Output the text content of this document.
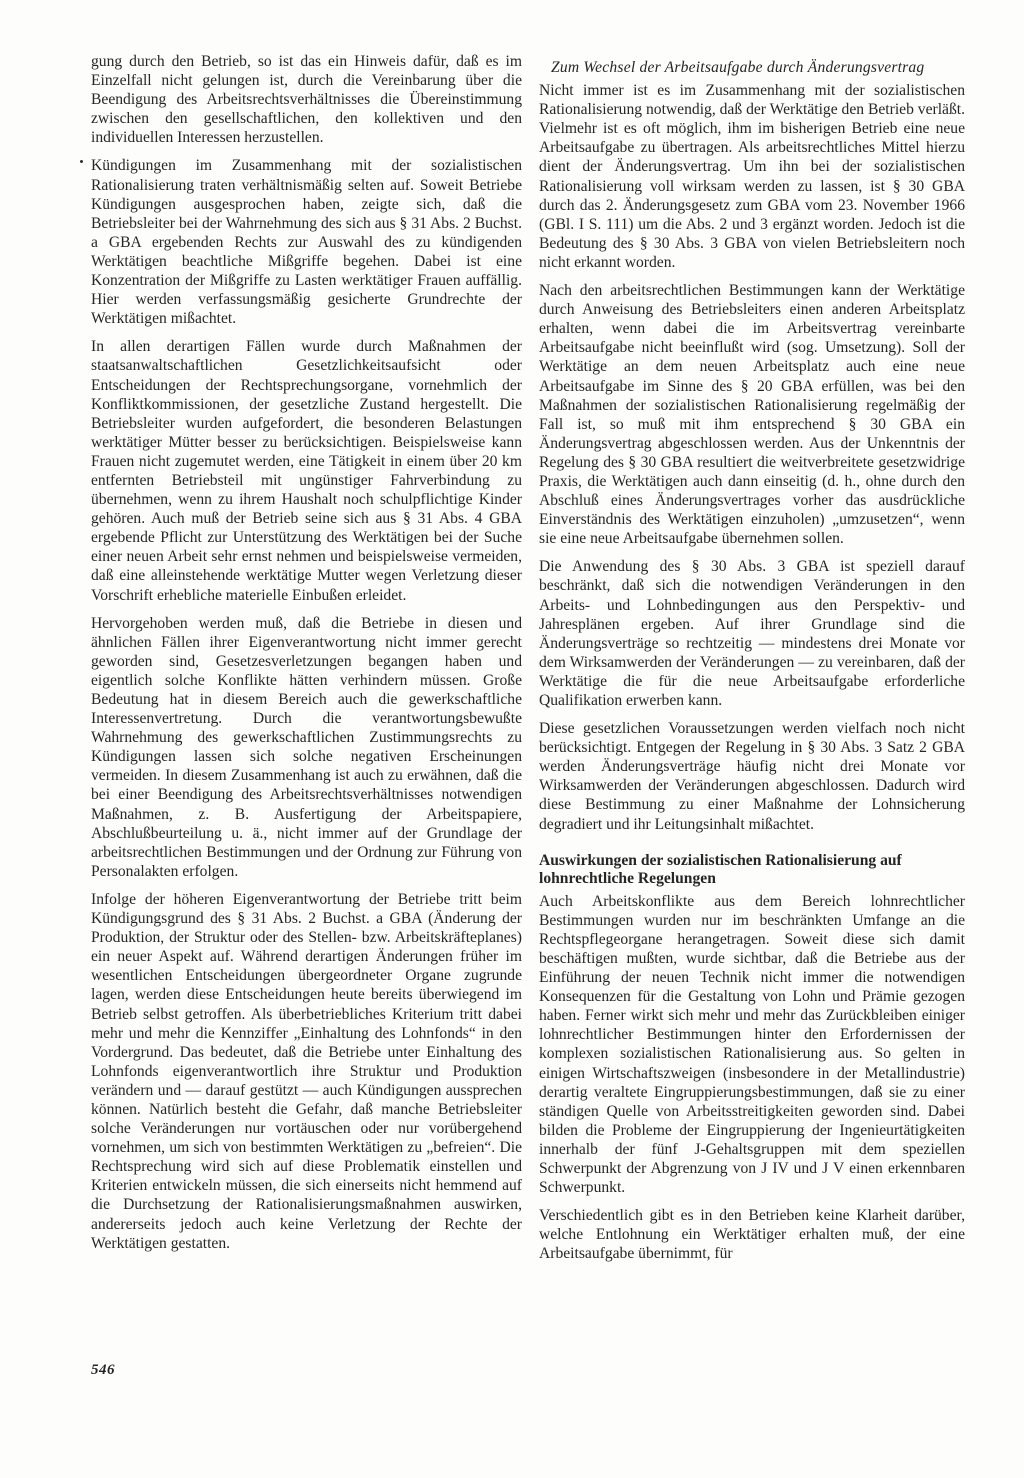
gung durch den Betrieb, so ist das ein Hinweis dafür, daß es im Einzelfall nicht gelungen ist, durch die Vereinbarung über die Beendigung des Arbeitsrechtsverhältnisses die Übereinstimmung zwischen den gesellschaftlichen, den kollektiven und den individuellen Interessen herzustellen.

Kündigungen im Zusammenhang mit der sozialistischen Rationalisierung traten verhältnismäßig selten auf. Soweit Betriebe Kündigungen ausgesprochen haben, zeigte sich, daß die Betriebsleiter bei der Wahrnehmung des sich aus § 31 Abs. 2 Buchst. a GBA ergebenden Rechts zur Auswahl des zu kündigenden Werktätigen beachtliche Mißgriffe begehen. Dabei ist eine Konzentration der Mißgriffe zu Lasten werktätiger Frauen auffällig. Hier werden verfassungsmäßig gesicherte Grundrechte der Werktätigen mißachtet.

In allen derartigen Fällen wurde durch Maßnahmen der staatsanwaltschaftlichen Gesetzlichkeitsaufsicht oder Entscheidungen der Rechtsprechungsorgane, vornehmlich der Konfliktkommissionen, der gesetzliche Zustand hergestellt. Die Betriebsleiter wurden aufgefordert, die besonderen Belastungen werktätiger Mütter besser zu berücksichtigen. Beispielsweise kann Frauen nicht zugemutet werden, eine Tätigkeit in einem über 20 km entfernten Betriebsteil mit ungünstiger Fahrverbindung zu übernehmen, wenn zu ihrem Haushalt noch schulpflichtige Kinder gehören. Auch muß der Betrieb seine sich aus § 31 Abs. 4 GBA ergebende Pflicht zur Unterstützung des Werktätigen bei der Suche einer neuen Arbeit sehr ernst nehmen und beispielsweise vermeiden, daß eine alleinstehende werktätige Mutter wegen Verletzung dieser Vorschrift erhebliche materielle Einbußen erleidet.

Hervorgehoben werden muß, daß die Betriebe in diesen und ähnlichen Fällen ihrer Eigenverantwortung nicht immer gerecht geworden sind, Gesetzesverletzungen begangen haben und eigentlich solche Konflikte hätten verhindern müssen. Große Bedeutung hat in diesem Bereich auch die gewerkschaftliche Interessenvertretung. Durch die verantwortungsbewußte Wahrnehmung des gewerkschaftlichen Zustimmungsrechts zu Kündigungen lassen sich solche negativen Erscheinungen vermeiden. In diesem Zusammenhang ist auch zu erwähnen, daß die bei einer Beendigung des Arbeitsrechtsverhältnisses notwendigen Maßnahmen, z. B. Ausfertigung der Arbeitspapiere, Abschlußbeurteilung u. ä., nicht immer auf der Grundlage der arbeitsrechtlichen Bestimmungen und der Ordnung zur Führung von Personalakten erfolgen.

Infolge der höheren Eigenverantwortung der Betriebe tritt beim Kündigungsgrund des § 31 Abs. 2 Buchst. a GBA (Änderung der Produktion, der Struktur oder des Stellen- bzw. Arbeitskräfteplanes) ein neuer Aspekt auf. Während derartigen Änderungen früher im wesentlichen Entscheidungen übergeordneter Organe zugrunde lagen, werden diese Entscheidungen heute bereits überwiegend im Betrieb selbst getroffen. Als überbetriebliches Kriterium tritt dabei mehr und mehr die Kennziffer „Einhaltung des Lohnfonds“ in den Vordergrund. Das bedeutet, daß die Betriebe unter Einhaltung des Lohnfonds eigenverantwortlich ihre Struktur und Produktion verändern und — darauf gestützt — auch Kündigungen aussprechen können. Natürlich besteht die Gefahr, daß manche Betriebsleiter solche Veränderungen nur vortäuschen oder nur vorübergehend vornehmen, um sich von bestimmten Werktätigen zu „befreien“. Die Rechtsprechung wird sich auf diese Problematik einstellen und Kriterien entwickeln müssen, die sich einerseits nicht hemmend auf die Durchsetzung der Rationalisierungsmaßnahmen auswirken, andererseits jedoch auch keine Verletzung der Rechte der Werktätigen gestatten.

Zum Wechsel der Arbeitsaufgabe durch Änderungsvertrag

Nicht immer ist es im Zusammenhang mit der sozialistischen Rationalisierung notwendig, daß der Werktätige den Betrieb verläßt. Vielmehr ist es oft möglich, ihm im bisherigen Betrieb eine neue Arbeitsaufgabe zu übertragen. Als arbeitsrechtliches Mittel hierzu dient der Änderungsvertrag. Um ihn bei der sozialistischen Rationalisierung voll wirksam werden zu lassen, ist § 30 GBA durch das 2. Änderungsgesetz zum GBA vom 23. November 1966 (GBl. I S. 111) um die Abs. 2 und 3 ergänzt worden. Jedoch ist die Bedeutung des § 30 Abs. 3 GBA von vielen Betriebsleitern noch nicht erkannt worden.

Nach den arbeitsrechtlichen Bestimmungen kann der Werktätige durch Anweisung des Betriebsleiters einen anderen Arbeitsplatz erhalten, wenn dabei die im Arbeitsvertrag vereinbarte Arbeitsaufgabe nicht beeinflußt wird (sog. Umsetzung). Soll der Werktätige an dem neuen Arbeitsplatz auch eine neue Arbeitsaufgabe im Sinne des § 20 GBA erfüllen, was bei den Maßnahmen der sozialistischen Rationalisierung regelmäßig der Fall ist, so muß mit ihm entsprechend § 30 GBA ein Änderungsvertrag abgeschlossen werden. Aus der Unkenntnis der Regelung des § 30 GBA resultiert die weitverbreitete gesetzwidrige Praxis, die Werktätigen auch dann einseitig (d. h., ohne durch den Abschluß eines Änderungsvertrages vorher das ausdrückliche Einverständnis des Werktätigen einzuholen) „umzusetzen“, wenn sie eine neue Arbeitsaufgabe übernehmen sollen.

Die Anwendung des § 30 Abs. 3 GBA ist speziell darauf beschränkt, daß sich die notwendigen Veränderungen in den Arbeits- und Lohnbedingungen aus den Perspektiv- und Jahresplänen ergeben. Auf ihrer Grundlage sind die Änderungsverträge so rechtzeitig — mindestens drei Monate vor dem Wirksamwerden der Veränderungen — zu vereinbaren, daß der Werktätige die für die neue Arbeitsaufgabe erforderliche Qualifikation erwerben kann.

Diese gesetzlichen Voraussetzungen werden vielfach noch nicht berücksichtigt. Entgegen der Regelung in § 30 Abs. 3 Satz 2 GBA werden Änderungsverträge häufig nicht drei Monate vor Wirksamwerden der Veränderungen abgeschlossen. Dadurch wird diese Bestimmung zu einer Maßnahme der Lohnsicherung degradiert und ihr Leitungsinhalt mißachtet.

Auswirkungen der sozialistischen Rationalisierung auf lohnrechtliche Regelungen

Auch Arbeitskonflikte aus dem Bereich lohnrechtlicher Bestimmungen wurden nur im beschränkten Umfange an die Rechtspflegeorgane herangetragen. Soweit diese sich damit beschäftigen mußten, wurde sichtbar, daß die Betriebe aus der Einführung der neuen Technik nicht immer die notwendigen Konsequenzen für die Gestaltung von Lohn und Prämie gezogen haben. Ferner wirkt sich mehr und mehr das Zurückbleiben einiger lohnrechtlicher Bestimmungen hinter den Erfordernissen der komplexen sozialistischen Rationalisierung aus. So gelten in einigen Wirtschaftszweigen (insbesondere in der Metallindustrie) derartig veraltete Eingruppierungsbestimmungen, daß sie zu einer ständigen Quelle von Arbeitsstreitigkeiten geworden sind. Dabei bilden die Probleme der Eingruppierung der Ingenieurtätigkeiten innerhalb der fünf J-Gehaltsgruppen mit dem speziellen Schwerpunkt der Abgrenzung von J IV und J V einen erkennbaren Schwerpunkt.

Verschiedentlich gibt es in den Betrieben keine Klarheit darüber, welche Entlohnung ein Werktätiger erhalten muß, der eine Arbeitsaufgabe übernimmt, für

546
